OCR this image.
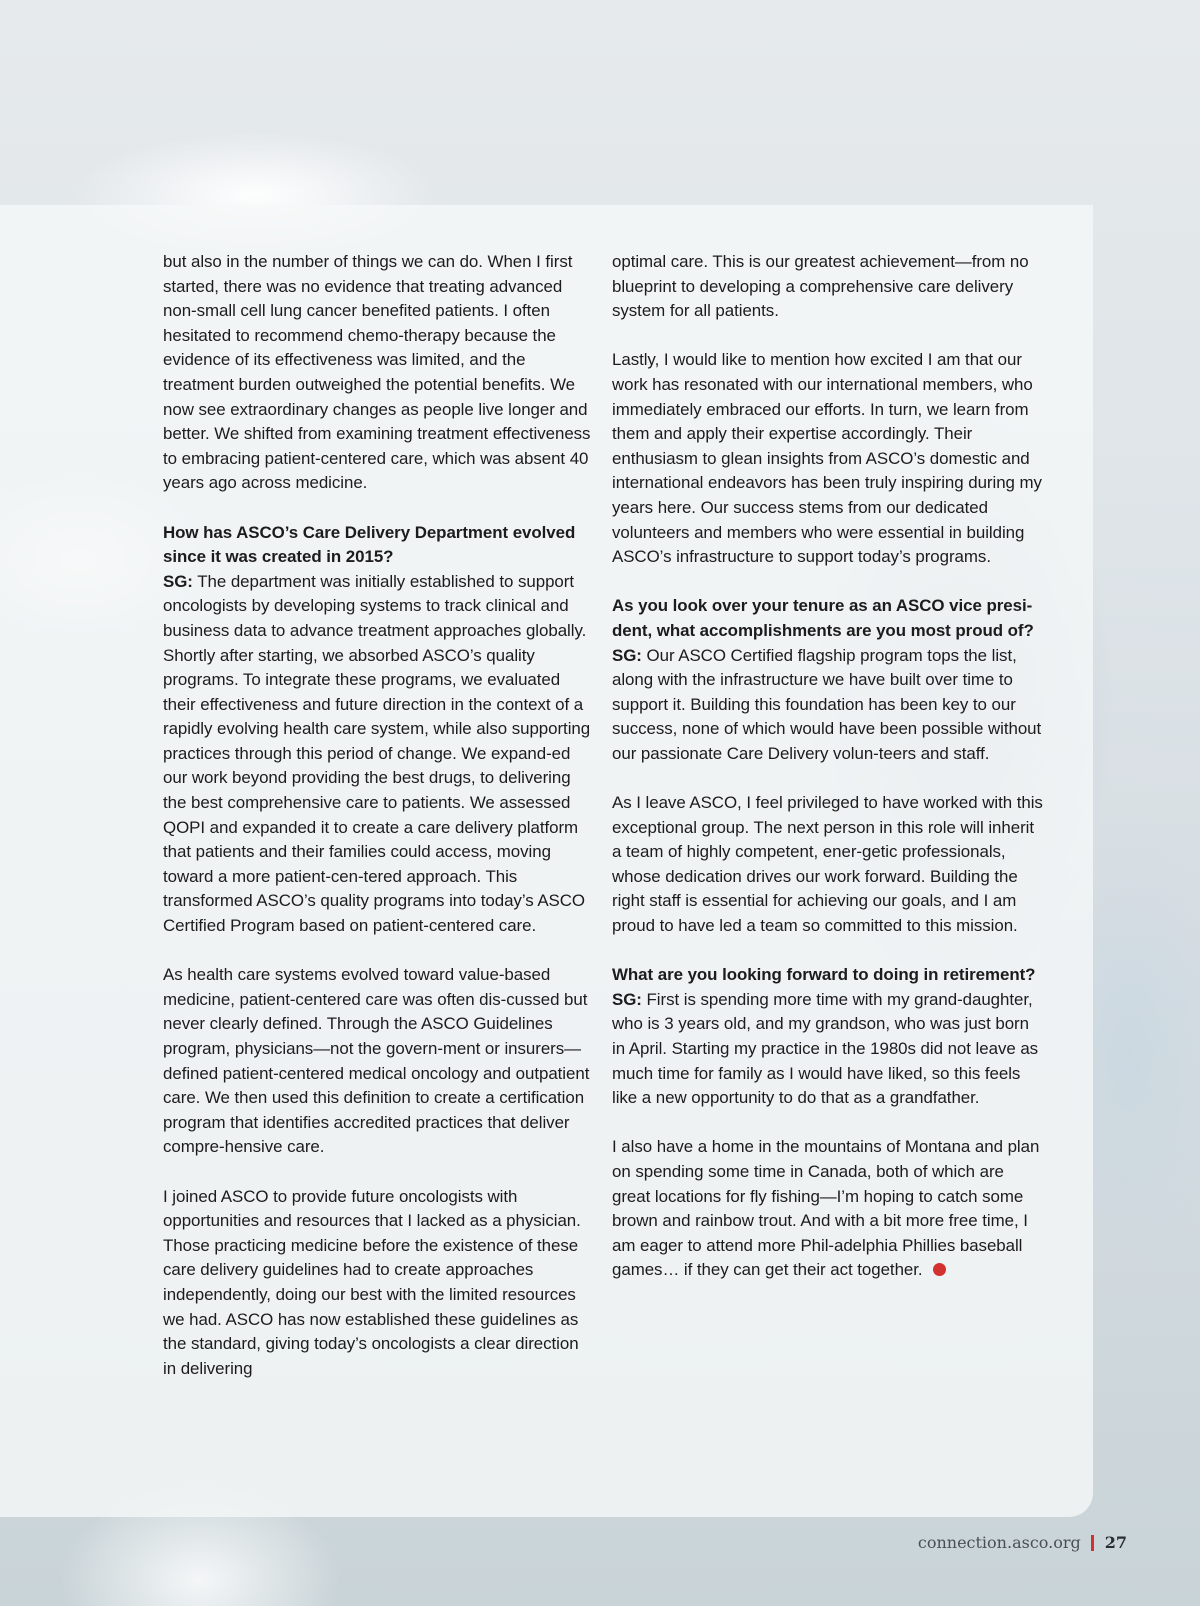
but also in the number of things we can do. When I first started, there was no evidence that treating advanced non-small cell lung cancer benefited patients. I often hesitated to recommend chemo-therapy because the evidence of its effectiveness was limited, and the treatment burden outweighed the potential benefits. We now see extraordinary changes as people live longer and better. We shifted from examining treatment effectiveness to embracing patient-centered care, which was absent 40 years ago across medicine.

How has ASCO’s Care Delivery Department evolved since it was created in 2015?

SG: The department was initially established to support oncologists by developing systems to track clinical and business data to advance treatment approaches globally. Shortly after starting, we absorbed ASCO’s quality programs. To integrate these programs, we evaluated their effectiveness and future direction in the context of a rapidly evolving health care system, while also supporting practices through this period of change. We expand-ed our work beyond providing the best drugs, to delivering the best comprehensive care to patients. We assessed QOPI and expanded it to create a care delivery platform that patients and their families could access, moving toward a more patient-cen-tered approach. This transformed ASCO’s quality programs into today’s ASCO Certified Program based on patient-centered care.

As health care systems evolved toward value-based medicine, patient-centered care was often dis-cussed but never clearly defined. Through the ASCO Guidelines program, physicians—not the govern-ment or insurers—defined patient-centered medical oncology and outpatient care. We then used this definition to create a certification program that identifies accredited practices that deliver compre-hensive care.

I joined ASCO to provide future oncologists with opportunities and resources that I lacked as a physician. Those practicing medicine before the existence of these care delivery guidelines had to create approaches independently, doing our best with the limited resources we had. ASCO has now established these guidelines as the standard, giving today’s oncologists a clear direction in delivering

optimal care. This is our greatest achievement—from no blueprint to developing a comprehensive care delivery system for all patients.

Lastly, I would like to mention how excited I am that our work has resonated with our international members, who immediately embraced our efforts. In turn, we learn from them and apply their expertise accordingly. Their enthusiasm to glean insights from ASCO’s domestic and international endeavors has been truly inspiring during my years here. Our success stems from our dedicated volunteers and members who were essential in building ASCO’s infrastructure to support today’s programs.

As you look over your tenure as an ASCO vice presi-dent, what accomplishments are you most proud of?

SG: Our ASCO Certified flagship program tops the list, along with the infrastructure we have built over time to support it. Building this foundation has been key to our success, none of which would have been possible without our passionate Care Delivery volun-teers and staff.

As I leave ASCO, I feel privileged to have worked with this exceptional group. The next person in this role will inherit a team of highly competent, ener-getic professionals, whose dedication drives our work forward. Building the right staff is essential for achieving our goals, and I am proud to have led a team so committed to this mission.

What are you looking forward to doing in retirement?

SG: First is spending more time with my grand-daughter, who is 3 years old, and my grandson, who was just born in April. Starting my practice in the 1980s did not leave as much time for family as I would have liked, so this feels like a new opportunity to do that as a grandfather.

I also have a home in the mountains of Montana and plan on spending some time in Canada, both of which are great locations for fly fishing—I’m hoping to catch some brown and rainbow trout. And with a bit more free time, I am eager to attend more Phil-adelphia Phillies baseball games… if they can get their act together.

connection.asco.org 27
